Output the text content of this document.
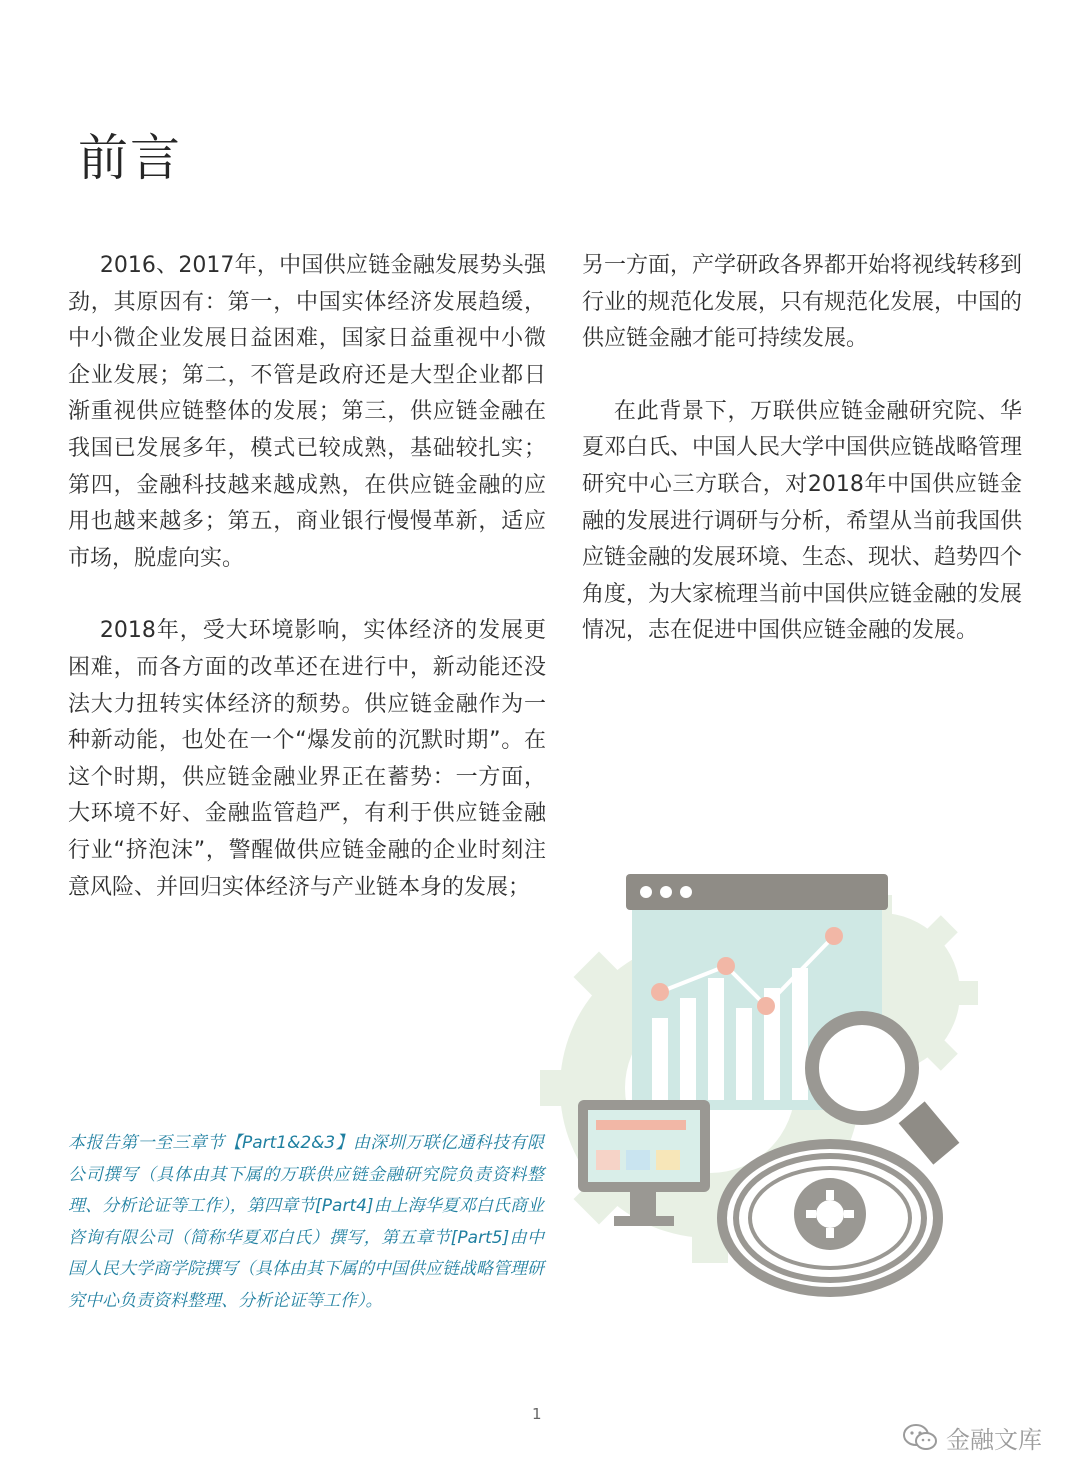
前言

2016、2017年，中国供应链金融发展势头强劲，其原因有：第一，中国实体经济发展趋缓，中小微企业发展日益困难，国家日益重视中小微企业发展；第二，不管是政府还是大型企业都日渐重视供应链整体的发展；第三，供应链金融在我国已发展多年，模式已较成熟，基础较扎实；第四，金融科技越来越成熟，在供应链金融的应用也越来越多；第五，商业银行慢慢革新，适应市场，脱虚向实。

2018年，受大环境影响，实体经济的发展更困难，而各方面的改革还在进行中，新动能还没法大力扭转实体经济的颓势。供应链金融作为一种新动能，也处在一个“爆发前的沉默时期”。在这个时期，供应链金融业界正在蓄势：一方面，大环境不好、金融监管趋严，有利于供应链金融行业“挤泡沫”，警醒做供应链金融的企业时刻注意风险、并回归实体经济与产业链本身的发展；

另一方面，产学研政各界都开始将视线转移到行业的规范化发展，只有规范化发展，中国的供应链金融才能可持续发展。

在此背景下，万联供应链金融研究院、华夏邓白氏、中国人民大学中国供应链战略管理研究中心三方联合，对2018年中国供应链金融的发展进行调研与分析，希望从当前我国供应链金融的发展环境、生态、现状、趋势四个角度，为大家梳理当前中国供应链金融的发展情况，志在促进中国供应链金融的发展。

本报告第一至三章节【Part1&2&3】由深圳万联亿通科技有限公司撰写（具体由其下属的万联供应链金融研究院负责资料整理、分析论证等工作），第四章节[Part4]由上海华夏邓白氏商业咨询有限公司（简称华夏邓白氏）撰写，第五章节[Part5]由中国人民大学商学院撰写（具体由其下属的中国供应链战略管理研究中心负责资料整理、分析论证等工作）。

1
金融文库
